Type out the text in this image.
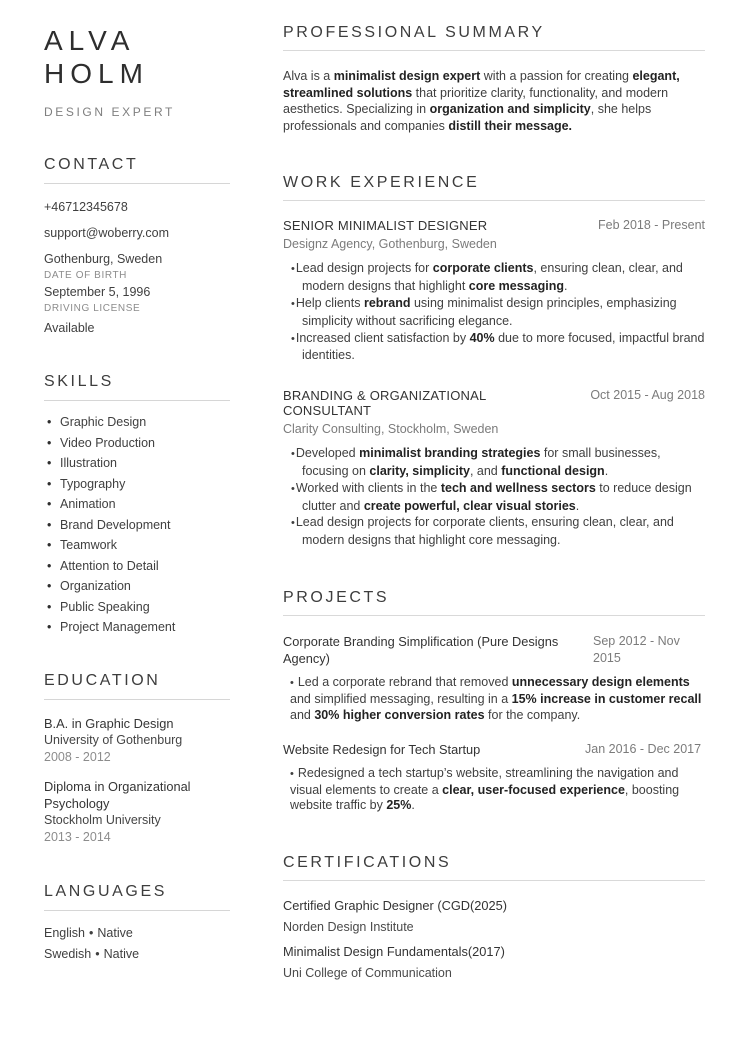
ALVA
HOLM
DESIGN EXPERT
CONTACT

+46712345678

support@woberry.com

Gothenburg, Sweden

DATE OF BIRTH
September 5, 1996
DRIVING LICENSE
Available
SKILLS
• Graphic Design
• Video Production
• Illustration
• Typography
• Animation
• Brand Development
• Teamwork
• Attention to Detail
• Organization
• Public Speaking
• Project Management
EDUCATION

B.A. in Graphic Design

University of Gothenburg

2008 - 2012

Diploma in Organizational Psychology

Stockholm University

2013 - 2014

LANGUAGES

English • Native

Swedish • Native

PROFESSIONAL SUMMARY

Alva is a minimalist design expert with a passion for creating elegant, streamlined solutions that prioritize clarity, functionality, and modern aesthetics. Specializing in organization and simplicity, she helps professionals and companies distill their message.

WORK EXPERIENCE
SENIOR MINIMALIST DESIGNER	Feb 2018 - Present
Designz Agency, Gothenburg, Sweden
• Lead design projects for corporate clients, ensuring clean, clear, and modern designs that highlight core messaging.
• Help clients rebrand using minimalist design principles, emphasizing simplicity without sacrificing elegance.
• Increased client satisfaction by 40% due to more focused, impactful brand identities.
BRANDING & ORGANIZATIONAL CONSULTANT
Oct 2015 - Aug 2018
Clarity Consulting, Stockholm, Sweden
• Developed minimalist branding strategies for small businesses, focusing on clarity, simplicity, and functional design.
• Worked with clients in the tech and wellness sectors to reduce design clutter and create powerful, clear visual stories.
• Lead design projects for corporate clients, ensuring clean, clear, and modern designs that highlight core messaging.
PROJECTS
Corporate Branding Simplification (Pure Designs Agency)
Sep 2012 - Nov 2015

• Led a corporate rebrand that removed unnecessary design elements and simplified messaging, resulting in a 15% increase in customer recall and 30% higher conversion rates for the company.

Website Redesign for Tech Startup	Jan 2016 - Dec 2017

• Redesigned a tech startup’s website, streamlining the navigation and visual elements to create a clear, user-focused experience, boosting website traffic by 25%.

CERTIFICATIONS

Certified Graphic Designer (CGD(2025)

Norden Design Institute

Minimalist Design Fundamentals(2017)

Uni College of Communication
